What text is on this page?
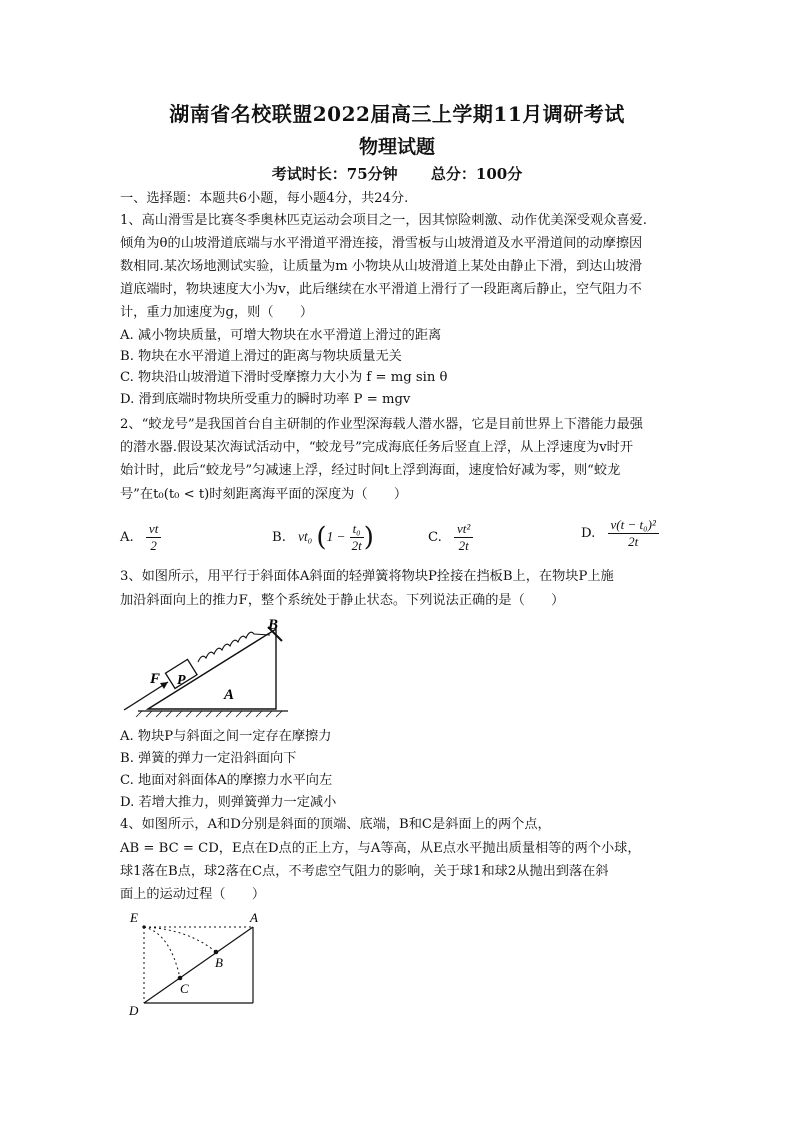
湖南省名校联盟2022届高三上学期11月调研考试
物理试题
考试时长：75分钟 总分：100分
一、选择题：本题共6小题，每小题4分，共24分.
1、高山滑雪是比赛冬季奥林匹克运动会项目之一，因其惊险刺激、动作优美深受观众喜爱.
倾角为θ的山坡滑道底端与水平滑道平滑连接，滑雪板与山坡滑道及水平滑道间的动摩擦因
数相同.某次场地测试实验，让质量为m 小物块从山坡滑道上某处由静止下滑，到达山坡滑
道底端时，物块速度大小为v，此后继续在水平滑道上滑行了一段距离后静止，空气阻力不
计，重力加速度为g，则（　　）
A. 减小物块质量，可增大物块在水平滑道上滑过的距离
B. 物块在水平滑道上滑过的距离与物块质量无关
C. 物块沿山坡滑道下滑时受摩擦力大小为 f = mg sin θ
D. 滑到底端时物块所受重力的瞬时功率 P = mgv
2、“蛟龙号”是我国首台自主研制的作业型深海载人潜水器，它是目前世界上下潜能力最强
的潜水器.假设某次海试活动中，“蛟龙号”完成海底任务后竖直上浮，从上浮速度为v时开
始计时，此后“蛟龙号”匀减速上浮，经过时间t上浮到海面，速度恰好减为零，则“蛟龙
号”在t₀(t₀ < t)时刻距离海平面的深度为（　　）
A. $\frac{vt}{2}$	B. vt₀ ($1 - \frac{\text{t₀}}{2t}$ )	C. $\frac{\text{vt²}}{2t}$	D. $\frac{\text{v(t − t₀)²}}{2t}$
3、如图所示，用平行于斜面体A斜面的轻弹簧将物块P拴接在挡板B上，在物块P上施
加沿斜面向上的推力F，整个系统处于静止状态。下列说法正确的是（　　）
F P
A
B
A. 物块P与斜面之间一定存在摩擦力
B. 弹簧的弹力一定沿斜面向下
C. 地面对斜面体A的摩擦力水平向左
D. 若增大推力，则弹簧弹力一定减小
4、如图所示，A和D分别是斜面的顶端、底端，B和C是斜面上的两个点，
AB = BC = CD，E点在D点的正上方，与A等高，从E点水平抛出质量相等的两个小球，
球1落在B点，球2落在C点，不考虑空气阻力的影响，关于球1和球2从抛出到落在斜
面上的运动过程（　　）
E	A
B
C
D
